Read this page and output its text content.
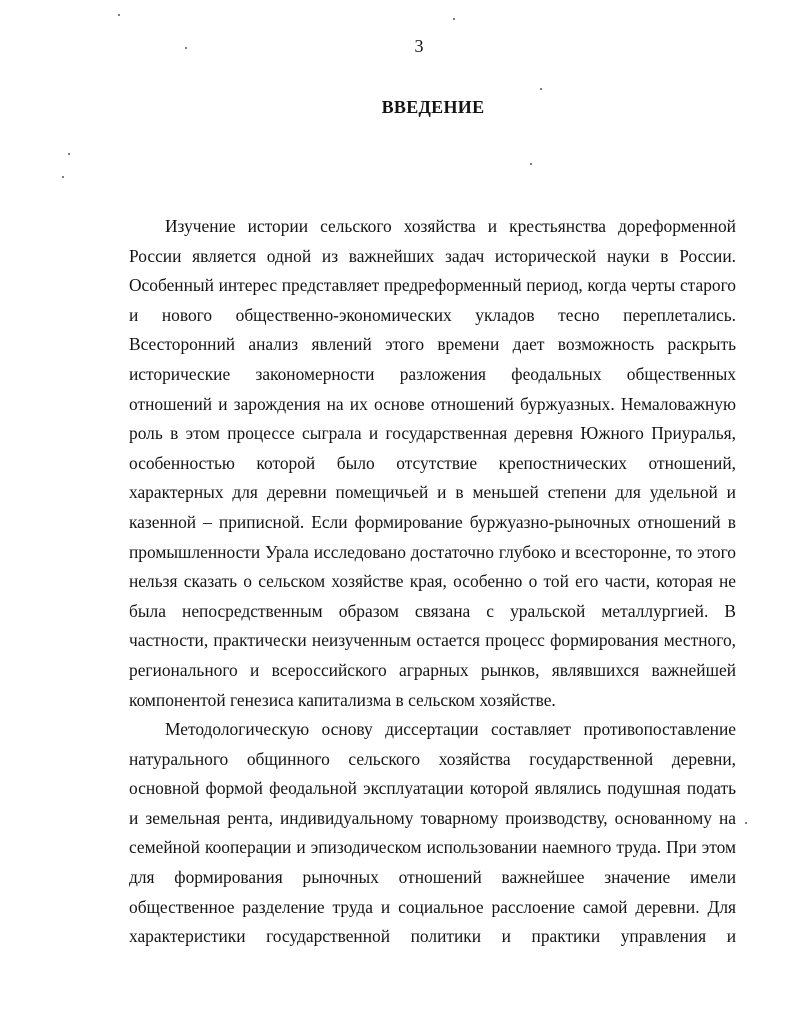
3
ВВЕДЕНИЕ

Изучение истории сельского хозяйства и крестьянства дореформенной России является одной из важнейших задач исторической науки в России. Особенный интерес представляет предреформенный период, когда черты старого и нового общественно-экономических укладов тесно переплетались. Всесторонний анализ явлений этого времени дает возможность раскрыть исторические закономерности разложения феодальных общественных отношений и зарождения на их основе отношений буржуазных. Немаловажную роль в этом процессе сыграла и государственная деревня Южного Приуралья, особенностью которой было отсутствие крепостнических отношений, характерных для деревни помещичьей и в меньшей степени для удельной и казенной – приписной. Если формирование буржуазно-рыночных отношений в промышленности Урала исследовано достаточно глубоко и всесторонне, то этого нельзя сказать о сельском хозяйстве края, особенно о той его части, которая не была непосредственным образом связана с уральской металлургией. В частности, практически неизученным остается процесс формирования местного, регионального и всероссийского аграрных рынков, являвшихся важнейшей компонентой генезиса капитализма в сельском хозяйстве.

Методологическую основу диссертации составляет противопоставление натурального общинного сельского хозяйства государственной деревни, основной формой феодальной эксплуатации которой являлись подушная подать и земельная рента, индивидуальному товарному производству, основанному на семейной кооперации и эпизодическом использовании наемного труда. При этом для формирования рыночных отношений важнейшее значение имели общественное разделение труда и социальное расслоение самой деревни. Для характеристики государственной политики и практики управления и
